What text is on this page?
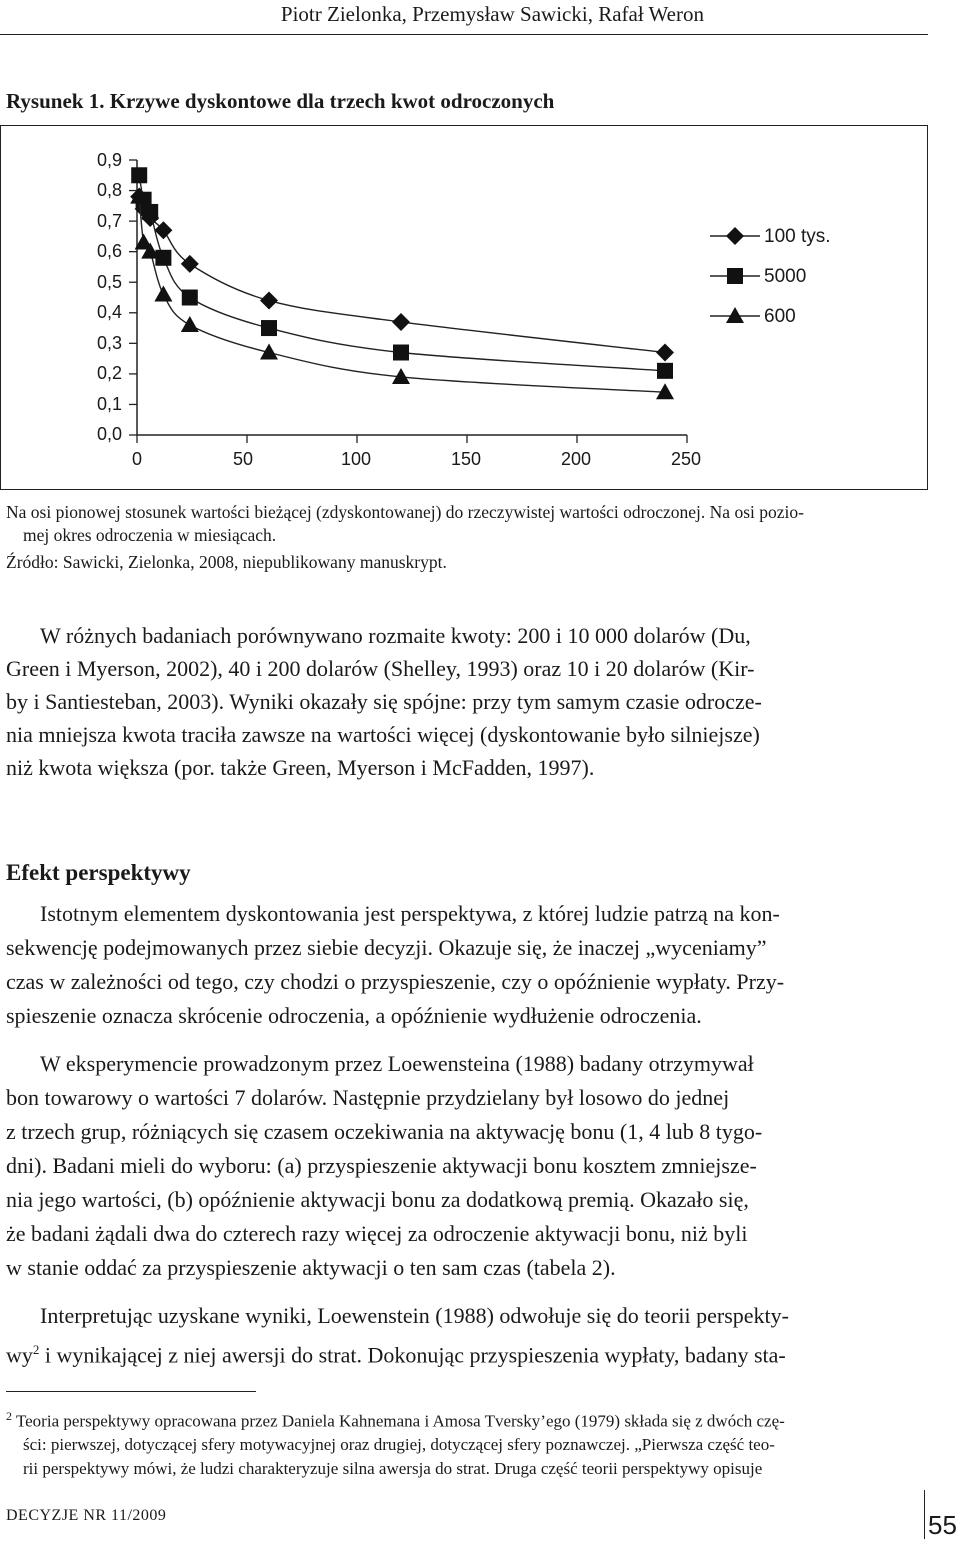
Piotr Zielonka, Przemysław Sawicki, Rafał Weron
Rysunek 1. Krzywe dyskontowe dla trzech kwot odroczonych
0,9
0,8
0,7
0,6
0,5
0,4
0,3
0,2
0,1
0,0
0	50	100	150	200	250
100 tys.
5000
600
Na osi pionowej stosunek wartości bieżącej (zdyskontowanej) do rzeczywistej wartości odroczonej. Na osi pozio-
mej okres odroczenia w miesiącach.
Źródło: Sawicki, Zielonka, 2008, niepublikowany manuskrypt.
W różnych badaniach porównywano rozmaite kwoty: 200 i 10 000 dolarów (Du,
Green i Myerson, 2002), 40 i 200 dolarów (Shelley, 1993) oraz 10 i 20 dolarów (Kir-
by i Santiesteban, 2003). Wyniki okazały się spójne: przy tym samym czasie odrocze-
nia mniejsza kwota traciła zawsze na wartości więcej (dyskontowanie było silniejsze)
niż kwota większa (por. także Green, Myerson i McFadden, 1997).
Efekt perspektywy
Istotnym elementem dyskontowania jest perspektywa, z której ludzie patrzą na kon-
sekwencję podejmowanych przez siebie decyzji. Okazuje się, że inaczej „wyceniamy”
czas w zależności od tego, czy chodzi o przyspieszenie, czy o opóźnienie wypłaty. Przy-
spieszenie oznacza skrócenie odroczenia, a opóźnienie wydłużenie odroczenia.
W eksperymencie prowadzonym przez Loewensteina (1988) badany otrzymywał
bon towarowy o wartości 7 dolarów. Następnie przydzielany był losowo do jednej
z trzech grup, różniących się czasem oczekiwania na aktywację bonu (1, 4 lub 8 tygo-
dni). Badani mieli do wyboru: (a) przyspieszenie aktywacji bonu kosztem zmniejsze-
nia jego wartości, (b) opóźnienie aktywacji bonu za dodatkową premią. Okazało się,
że badani żądali dwa do czterech razy więcej za odroczenie aktywacji bonu, niż byli
w stanie oddać za przyspieszenie aktywacji o ten sam czas (tabela 2).
Interpretując uzyskane wyniki, Loewenstein (1988) odwołuje się do teorii perspekty-
$wy^2$ i wynikającej z niej awersji do strat. Dokonując przyspieszenia wypłaty, badany sta-
$^2$ Teoria perspektywy opracowana przez Daniela Kahnemana i Amosa Tversky’ego (1979) składa się z dwóch czę-
ści: pierwszej, dotyczącej sfery motywacyjnej oraz drugiej, dotyczącej sfery poznawczej. „Pierwsza część teo-
rii perspektywy mówi, że ludzi charakteryzuje silna awersja do strat. Druga część teorii perspektywy opisuje
DECYZJE NR 11/2009	55
